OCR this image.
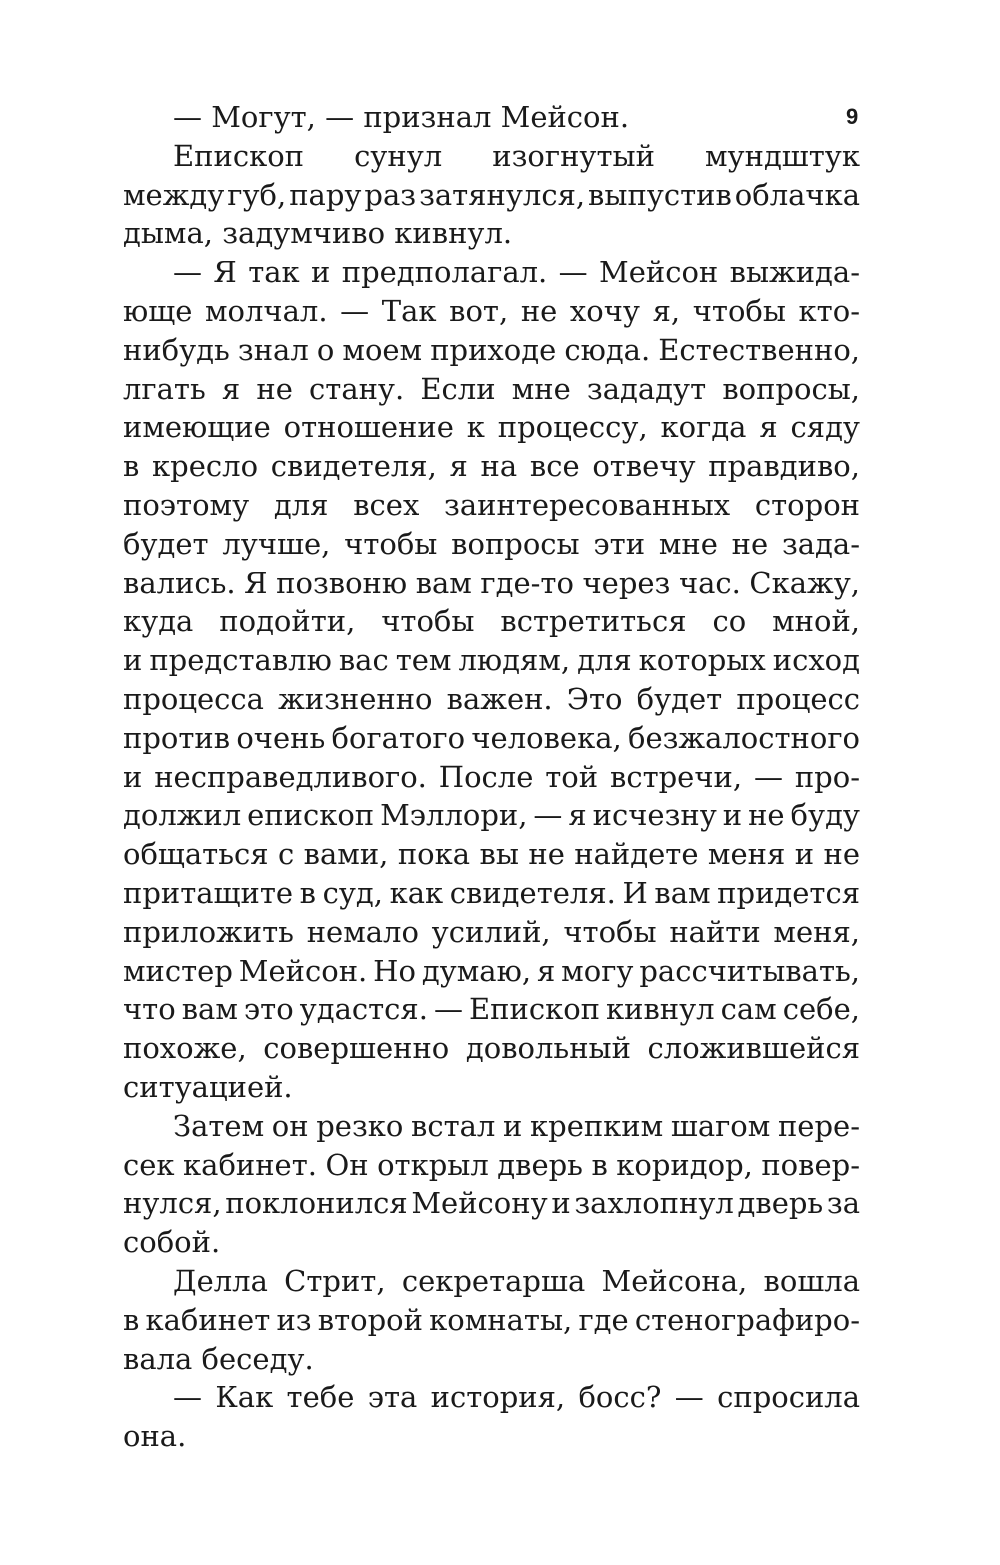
9
— Могут, — признал Мейсон.
Епископ сунул изогнутый мундштук
между губ, пару раз затянулся, выпустив облачка
дыма, задумчиво кивнул.
— Я так и предполагал. — Мейсон выжида-
юще молчал. — Так вот, не хочу я, чтобы кто-
нибудь знал о моем приходе сюда. Естественно,
лгать я не стану. Если мне зададут вопросы,
имеющие отношение к процессу, когда я сяду
в кресло свидетеля, я на все отвечу правдиво,
поэтому для всех заинтересованных сторон
будет лучше, чтобы вопросы эти мне не зада-
вались. Я позвоню вам где-то через час. Скажу,
куда подойти, чтобы встретиться со мной,
и представлю вас тем людям, для которых исход
процесса жизненно важен. Это будет процесс
против очень богатого человека, безжалостного
и несправедливого. После той встречи, — про-
должил епископ Мэллори, — я исчезну и не буду
общаться с вами, пока вы не найдете меня и не
притащите в суд, как свидетеля. И вам придется
приложить немало усилий, чтобы найти меня,
мистер Мейсон. Но думаю, я могу рассчитывать,
что вам это удастся. — Епископ кивнул сам себе,
похоже, совершенно довольный сложившейся
ситуацией.
Затем он резко встал и крепким шагом пере-
сек кабинет. Он открыл дверь в коридор, повер-
нулся, поклонился Мейсону и захлопнул дверь за
собой.
Делла Стрит, секретарша Мейсона, вошла
в кабинет из второй комнаты, где стенографиро-
вала беседу.
— Как тебе эта история, босс? — спросила
она.
